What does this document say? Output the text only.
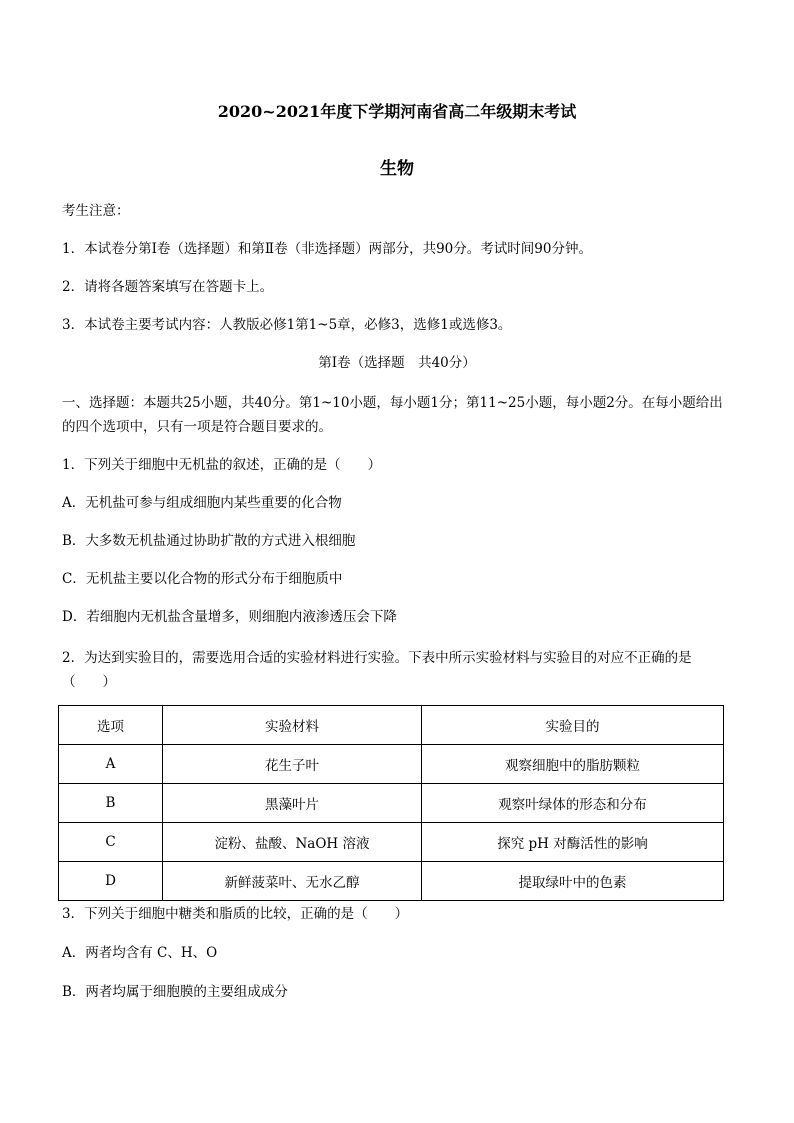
2020~2021年度下学期河南省高二年级期末考试
生物
考生注意：
1．本试卷分第Ⅰ卷（选择题）和第Ⅱ卷（非选择题）两部分，共90分。考试时间90分钟。
2．请将各题答案填写在答题卡上。
3．本试卷主要考试内容：人教版必修1第1~5章，必修3，选修1或选修3。
第Ⅰ卷（选择题　共40分）
一、选择题：本题共25小题，共40分。第1~10小题，每小题1分；第11~25小题，每小题2分。在每小题给出的四个选项中，只有一项是符合题目要求的。
1．下列关于细胞中无机盐的叙述，正确的是（　　）
A．无机盐可参与组成细胞内某些重要的化合物
B．大多数无机盐通过协助扩散的方式进入根细胞
C．无机盐主要以化合物的形式分布于细胞质中
D．若细胞内无机盐含量增多，则细胞内液渗透压会下降
2．为达到实验目的，需要选用合适的实验材料进行实验。下表中所示实验材料与实验目的对应不正确的是（　　）
选项	实验材料	实验目的
A	花生子叶	观察细胞中的脂肪颗粒
B	黑藻叶片	观察叶绿体的形态和分布
C	淀粉、盐酸、NaOH 溶液	探究 pH 对酶活性的影响
D	新鲜菠菜叶、无水乙醇	提取绿叶中的色素
3．下列关于细胞中糖类和脂质的比较，正确的是（　　）
A．两者均含有 C、H、O
B．两者均属于细胞膜的主要组成成分
